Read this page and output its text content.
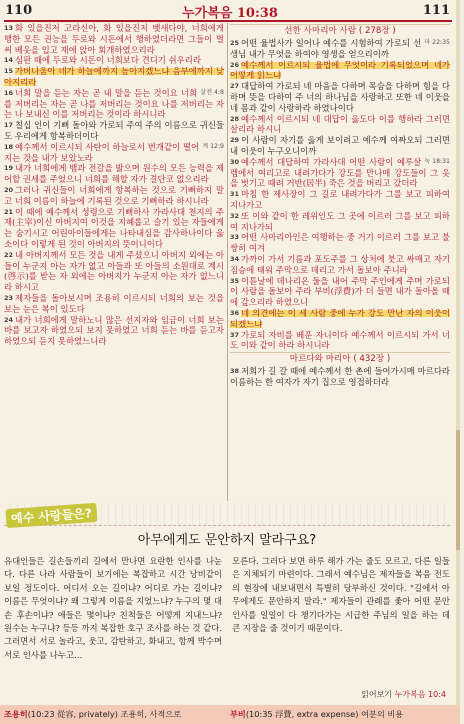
110	누가복음 10:38	111

13 화 있을진저 고라신아, 화 있을진저 벳새다야, 너희에게 행한 모든 권능을 두로와 시돈에서 행하였더라면 그들이 벌써 베옷을 입고 재에 앉아 회개하였으리라

14 심판 때에 두로와 시돈이 너희보다 견디기 쉬우리라

15 가버나움아 네가 하늘에까지 높아지겠느냐 음부에까지 낮아지리라

살전 4:8
16 너희 말을 듣는 자는 곧 내 말을 듣는 것이요 너희를 저버리는 자는 곧 나를 저버리는 것이요 나를 저버리는 자는 나 보내신 이를 저버리는 것이라 하시니라

17 칠십 인이 기뻐 돌아와 가로되 주여 주의 이름으로 귀신들도 우리에게 항복하더이다

계 12:9
18 예수께서 이르시되 사탄이 하늘로서 번개같이 떨어지는 것을 내가 보았노라

19 내가 너희에게 뱀과 전갈을 밟으며 원수의 모든 능력을 제어할 권세를 주었으니 너희를 해할 자가 결단코 없으리라

20 그러나 귀신들이 너희에게 항복하는 것으로 기뻐하지 말고 너희 이름이 하늘에 기록된 것으로 기뻐하라 하시니라

21 이 때에 예수께서 성령으로 기뻐하사 가라사대 천지의 주재(主宰)이신 아버지여 이것을 지혜롭고 슬기 있는 자들에게는 숨기시고 어린아이들에게는 나타내심을 감사하나이다 옳소이다 이렇게 된 것이 아버지의 뜻이니이다

22 내 아버지께서 모든 것을 내게 주셨으니 아버지 외에는 아들이 누군지 아는 자가 없고 아들과 또 아들의 소원대로 계시(啓示)를 받는 자 외에는 아버지가 누군지 아는 자가 없느니라 하시고

23 제자들을 돌아보시며 조용히 이르시되 너희의 보는 것을 보는 눈은 복이 있도다

24 내가 너희에게 말하노니 많은 선지자와 임금이 너희 보는 바를 보고자 하였으되 보지 못하였고 너희 듣는 바를 듣고자 하였으되 듣지 못하였느니라

선한 사마리아 사람 ( 278장 )

마 22:35
25 어떤 율법사가 일어나 예수를 시험하여 가로되 선생님 내가 무엇을 하여야 영생을 얻으리이까

26 예수께서 이르시되 율법에 무엇이라 기록되었으며 네가 어떻게 읽느냐

27 대답하여 가로되 네 마음을 다하며 목숨을 다하며 힘을 다하며 뜻을 다하여 주 너의 하나님을 사랑하고 또한 네 이웃을 네 몸과 같이 사랑하라 하였나이다

28 예수께서 이르시되 네 대답이 옳도다 이를 행하라 그러면 살리라 하시니

29 이 사람이 자기를 옳게 보이려고 예수께 여짜오되 그러면 내 이웃이 누구오니이까

눅 18:31
30 예수께서 대답하여 가라사대 어떤 사람이 예루살렘에서 여리고로 내려가다가 강도를 만나매 강도들이 그 옷을 벗기고 때려 거반(居半) 죽은 것을 버리고 갔더라

31 마침 한 제사장이 그 길로 내려가다가 그를 보고 피하여 지나가고

32 또 이와 같이 한 레위인도 그 곳에 이르러 그를 보고 피하여 지나가되

33 어떤 사마리아인은 여행하는 중 거기 이르러 그를 보고 불쌍히 여겨

34 가까이 가서 기름과 포도주를 그 상처에 붓고 싸매고 자기 짐승에 태워 주막으로 데리고 가서 돌보아 주니라

35 이튿날에 데나리온 둘을 내어 주막 주인에게 주며 가로되 이 사람을 돌보아 주라 부비(浮費)가 더 들면 내가 돌아올 때에 갚으리라 하였으니

36 네 의견에는 이 세 사람 중에 누가 강도 만난 자의 이웃이 되겠느냐

37 가로되 자비를 베푼 자니이다 예수께서 이르시되 가서 너도 이와 같이 하라 하시니라

마르다와 마리아 ( 432장 )

38 저희가 길 갈 때에 예수께서 한 촌에 들어가시매 마르다라 이름하는 한 여자가 자기 집으로 영접하더라

예수 사랑들은?
아무에게도 문안하지 말라구요?

유대인들은 길손들끼리 길에서 만나면 요란한 인사를 나눈다. 다른 나라 사람들이 보기에는 복잡하고 시간 낭비같이 보일 정도이다. 어디서 오는 길이냐? 어디로 가는 길이냐? 이름은 무엇이냐? 왜 그렇게 이름을 지었느냐? 누구의 몇 대손 후손이냐? 애들은 몇이냐? 친척들은 어떻게 지내느냐? 원수는 누구냐? 등등 까지 복잡한 호구 조사를 하는 것 같다. 그러면서 서로 놀라고, 웃고, 감탄하고, 화내고, 함께 박수며 서로 인사를 나누고…

모른다. 그러다 보면 하루 해가 가는 줄도 모르고, 다른 일들은 지체되기 마련이다. 그래서 예수님은 제자들을 복음 전도의 현장에 내보내면서 특별히 당부하신 것이다. "길에서 아무에게도 문안하지 말라." 제자들이 관례를 좇아 어떤 문안 인사를 일일이 다 챙기다가는 시급한 주님의 일을 하는 데 큰 지장을 줄 것이기 때문이다.

읽어보기 누가복음 10:4
조용히(10:23 從容, privately) 조용히, 사적으로	부비(10:35 浮費, extra expense) 여분의 비용
